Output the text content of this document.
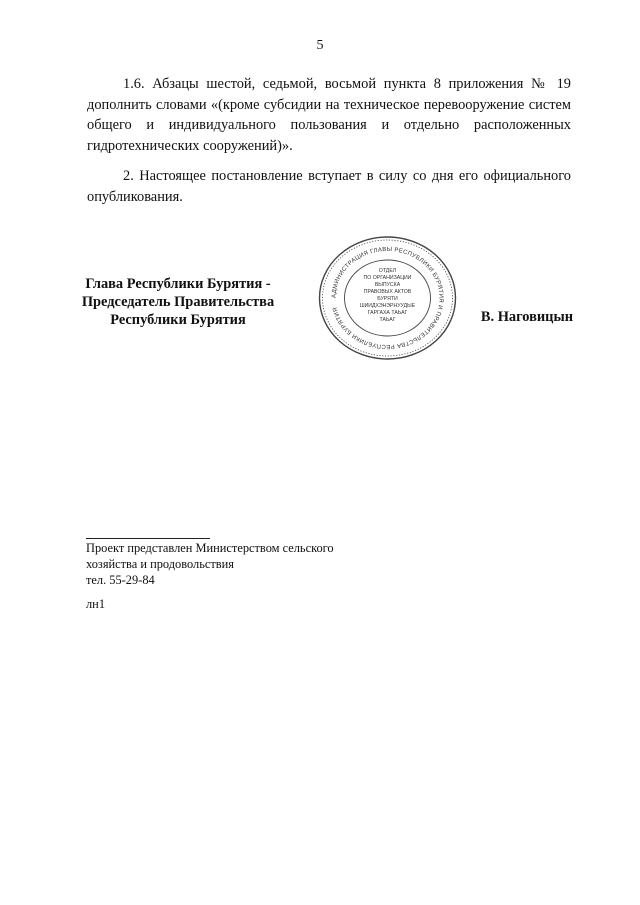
5

1.6. Абзацы шестой, седьмой, восьмой пункта 8 приложения № 19 дополнить словами «(кроме субсидии на техническое перевооружение систем общего и индивидуального пользования и отдельно расположенных гидротехнических сооружений)».

2. Настоящее постановление вступает в силу со дня его официального опубликования.

Глава Республики Бурятия -
Председатель Правительства
Республики Бурятия
АДМИНИСТРАЦИЯ ГЛАВЫ РЕСПУБЛИКИ БУРЯТИЯ И ПРАВИТЕЛЬСТВА РЕСПУБЛИКИ БУРЯТИЯ
ОТДЕЛ
ПО ОРГАНИЗАЦИИ
ВЫПУСКА
ПРАВОВЫХ АКТОВ
БУРЯТИ
ШИИДХЭНЭРНУУДЫЕ
ГАРГАХА ТАЬАГ
ТАЬАГ	В. Наговицын
Проект представлен Министерством сельского
хозяйства и продовольствия
тел. 55-29-84
лн1
